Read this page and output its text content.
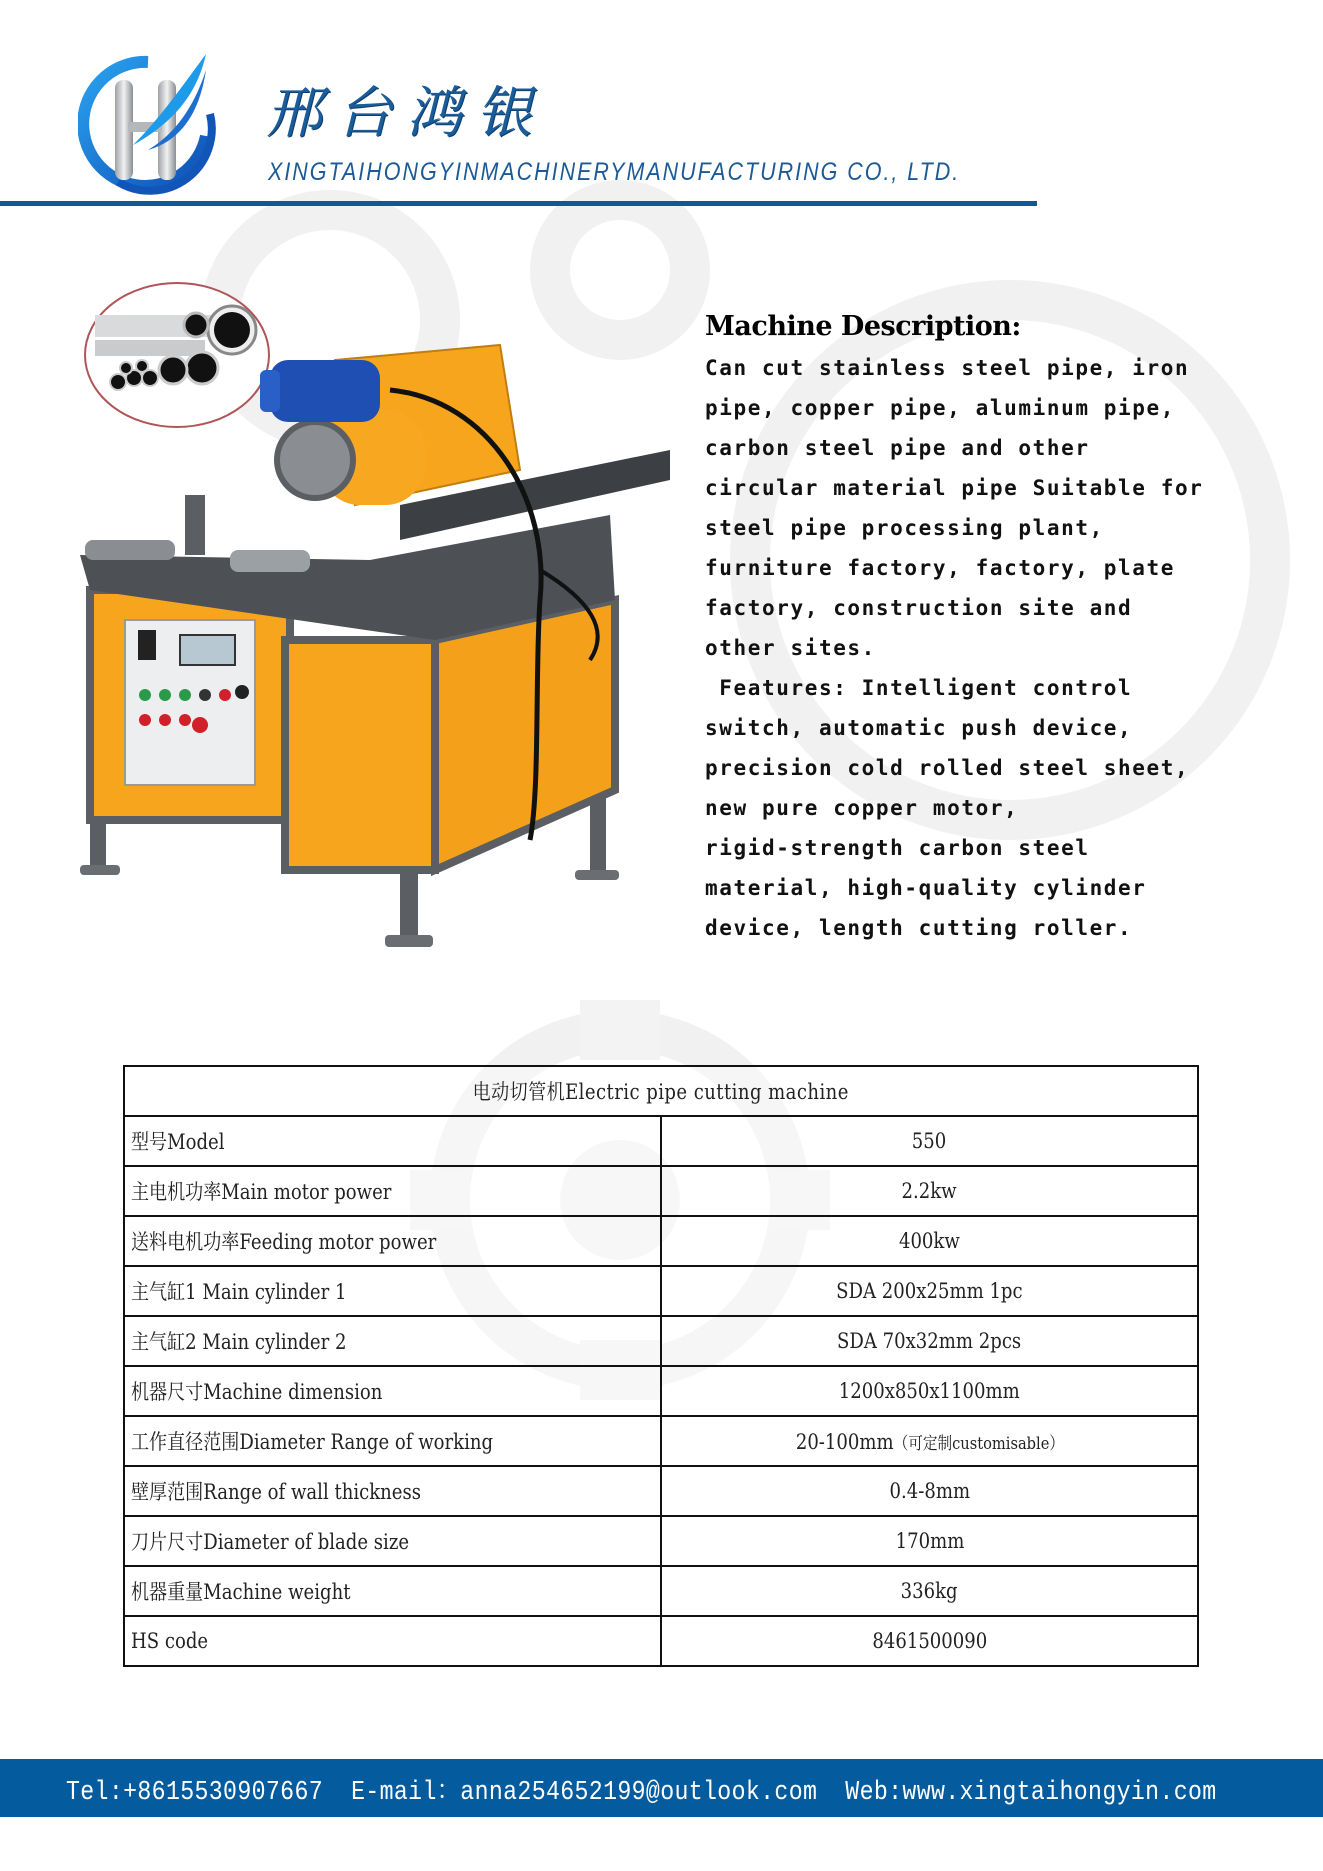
邢台鸿银
XINGTAIHONGYINMACHINERYMANUFACTURING CO., LTD.
Machine Description:

Can cut stainless steel pipe, iron
pipe, copper pipe, aluminum pipe,
carbon steel pipe and other
circular material pipe Suitable for
steel pipe processing plant,
furniture factory, factory, plate
factory, construction site and
other sites.
Features: Intelligent control
switch, automatic push device,
precision cold rolled steel sheet,
new pure copper motor,
rigid-strength carbon steel
material, high-quality cylinder
device, length cutting roller.

电动切管机Electric pipe cutting machine	
型号Model	550
主电机功率Main motor power	2.2kw
送料电机功率Feeding motor power	400kw
主气缸1 Main cylinder 1	SDA 200x25mm 1pc
主气缸2 Main cylinder 2	SDA 70x32mm 2pcs
机器尺寸Machine dimension	1200x850x1100mm
工作直径范围Diameter Range of working	20-100mm（可定制customisable）
壁厚范围Range of wall thickness	0.4-8mm
刀片尺寸Diameter of blade size	170mm
机器重量Machine weight	336kg
HS code	8461500090
Tel:+8615530907667 E-mail：anna254652199@outlook.com Web:www.xingtaihongyin.com
